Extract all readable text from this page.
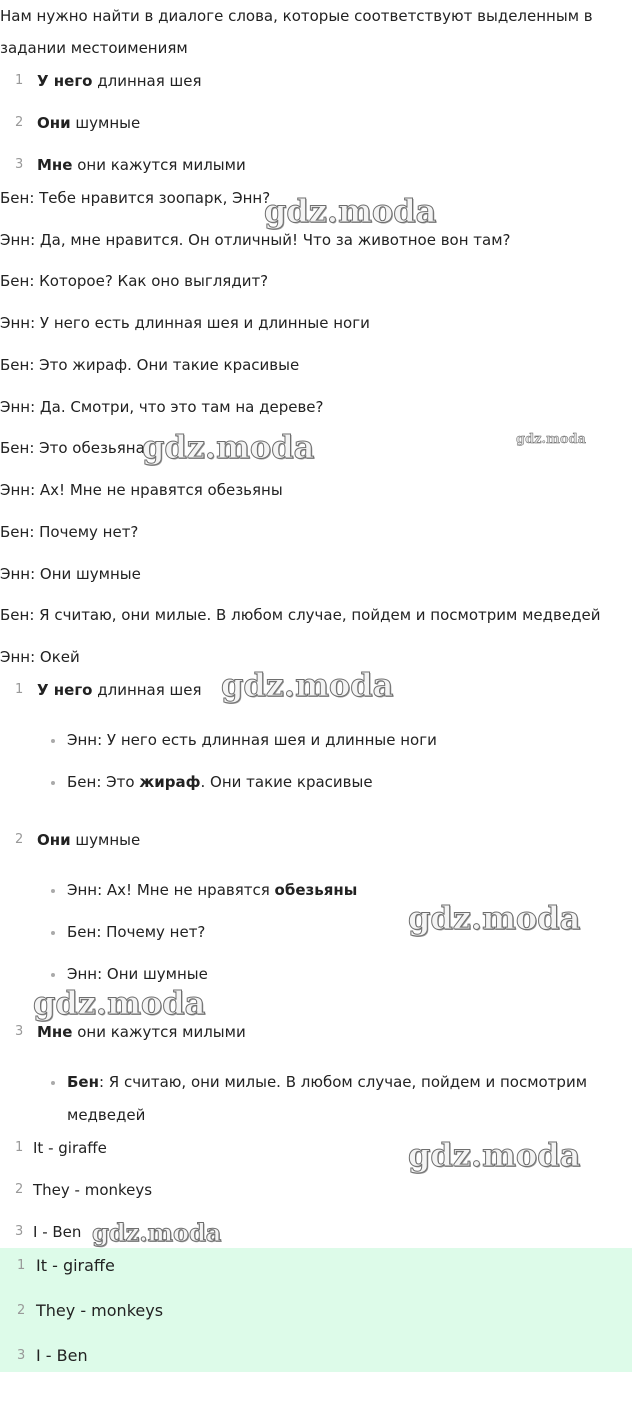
Нам нужно найти в диалоге слова, которые соответствуют выделенным в
задании местоимениям
1 У него длинная шея
2 Они шумные
3 Мне они кажутся милыми
Бен: Тебе нравится зоопарк, Энн?
Энн: Да, мне нравится. Он отличный! Что за животное вон там?
Бен: Которое? Как оно выглядит?
Энн: У него есть длинная шея и длинные ноги
Бен: Это жираф. Они такие красивые
Энн: Да. Смотри, что это там на дереве?
Бен: Это обезьяна
Энн: Ах! Мне не нравятся обезьяны
Бен: Почему нет?
Энн: Они шумные
Бен: Я считаю, они милые. В любом случае, пойдем и посмотрим медведей
Энн: Окей
1 У него длинная шея
Энн: У него есть длинная шея и длинные ноги
Бен: Это жираф. Они такие красивые
2 Они шумные
Энн: Ах! Мне не нравятся обезьяны
Бен: Почему нет?
Энн: Они шумные
3 Мне они кажутся милыми
Бен: Я считаю, они милые. В любом случае, пойдем и посмотрим
медведей
1 It - giraffe
2 They - monkeys
3 I - Ben
1 It - giraffe
2 They - monkeys
3 I - Ben
gdz.moda
gdz.moda	gdz.moda
gdz.moda
gdz.moda
gdz.moda
gdz.moda
gdz.moda
